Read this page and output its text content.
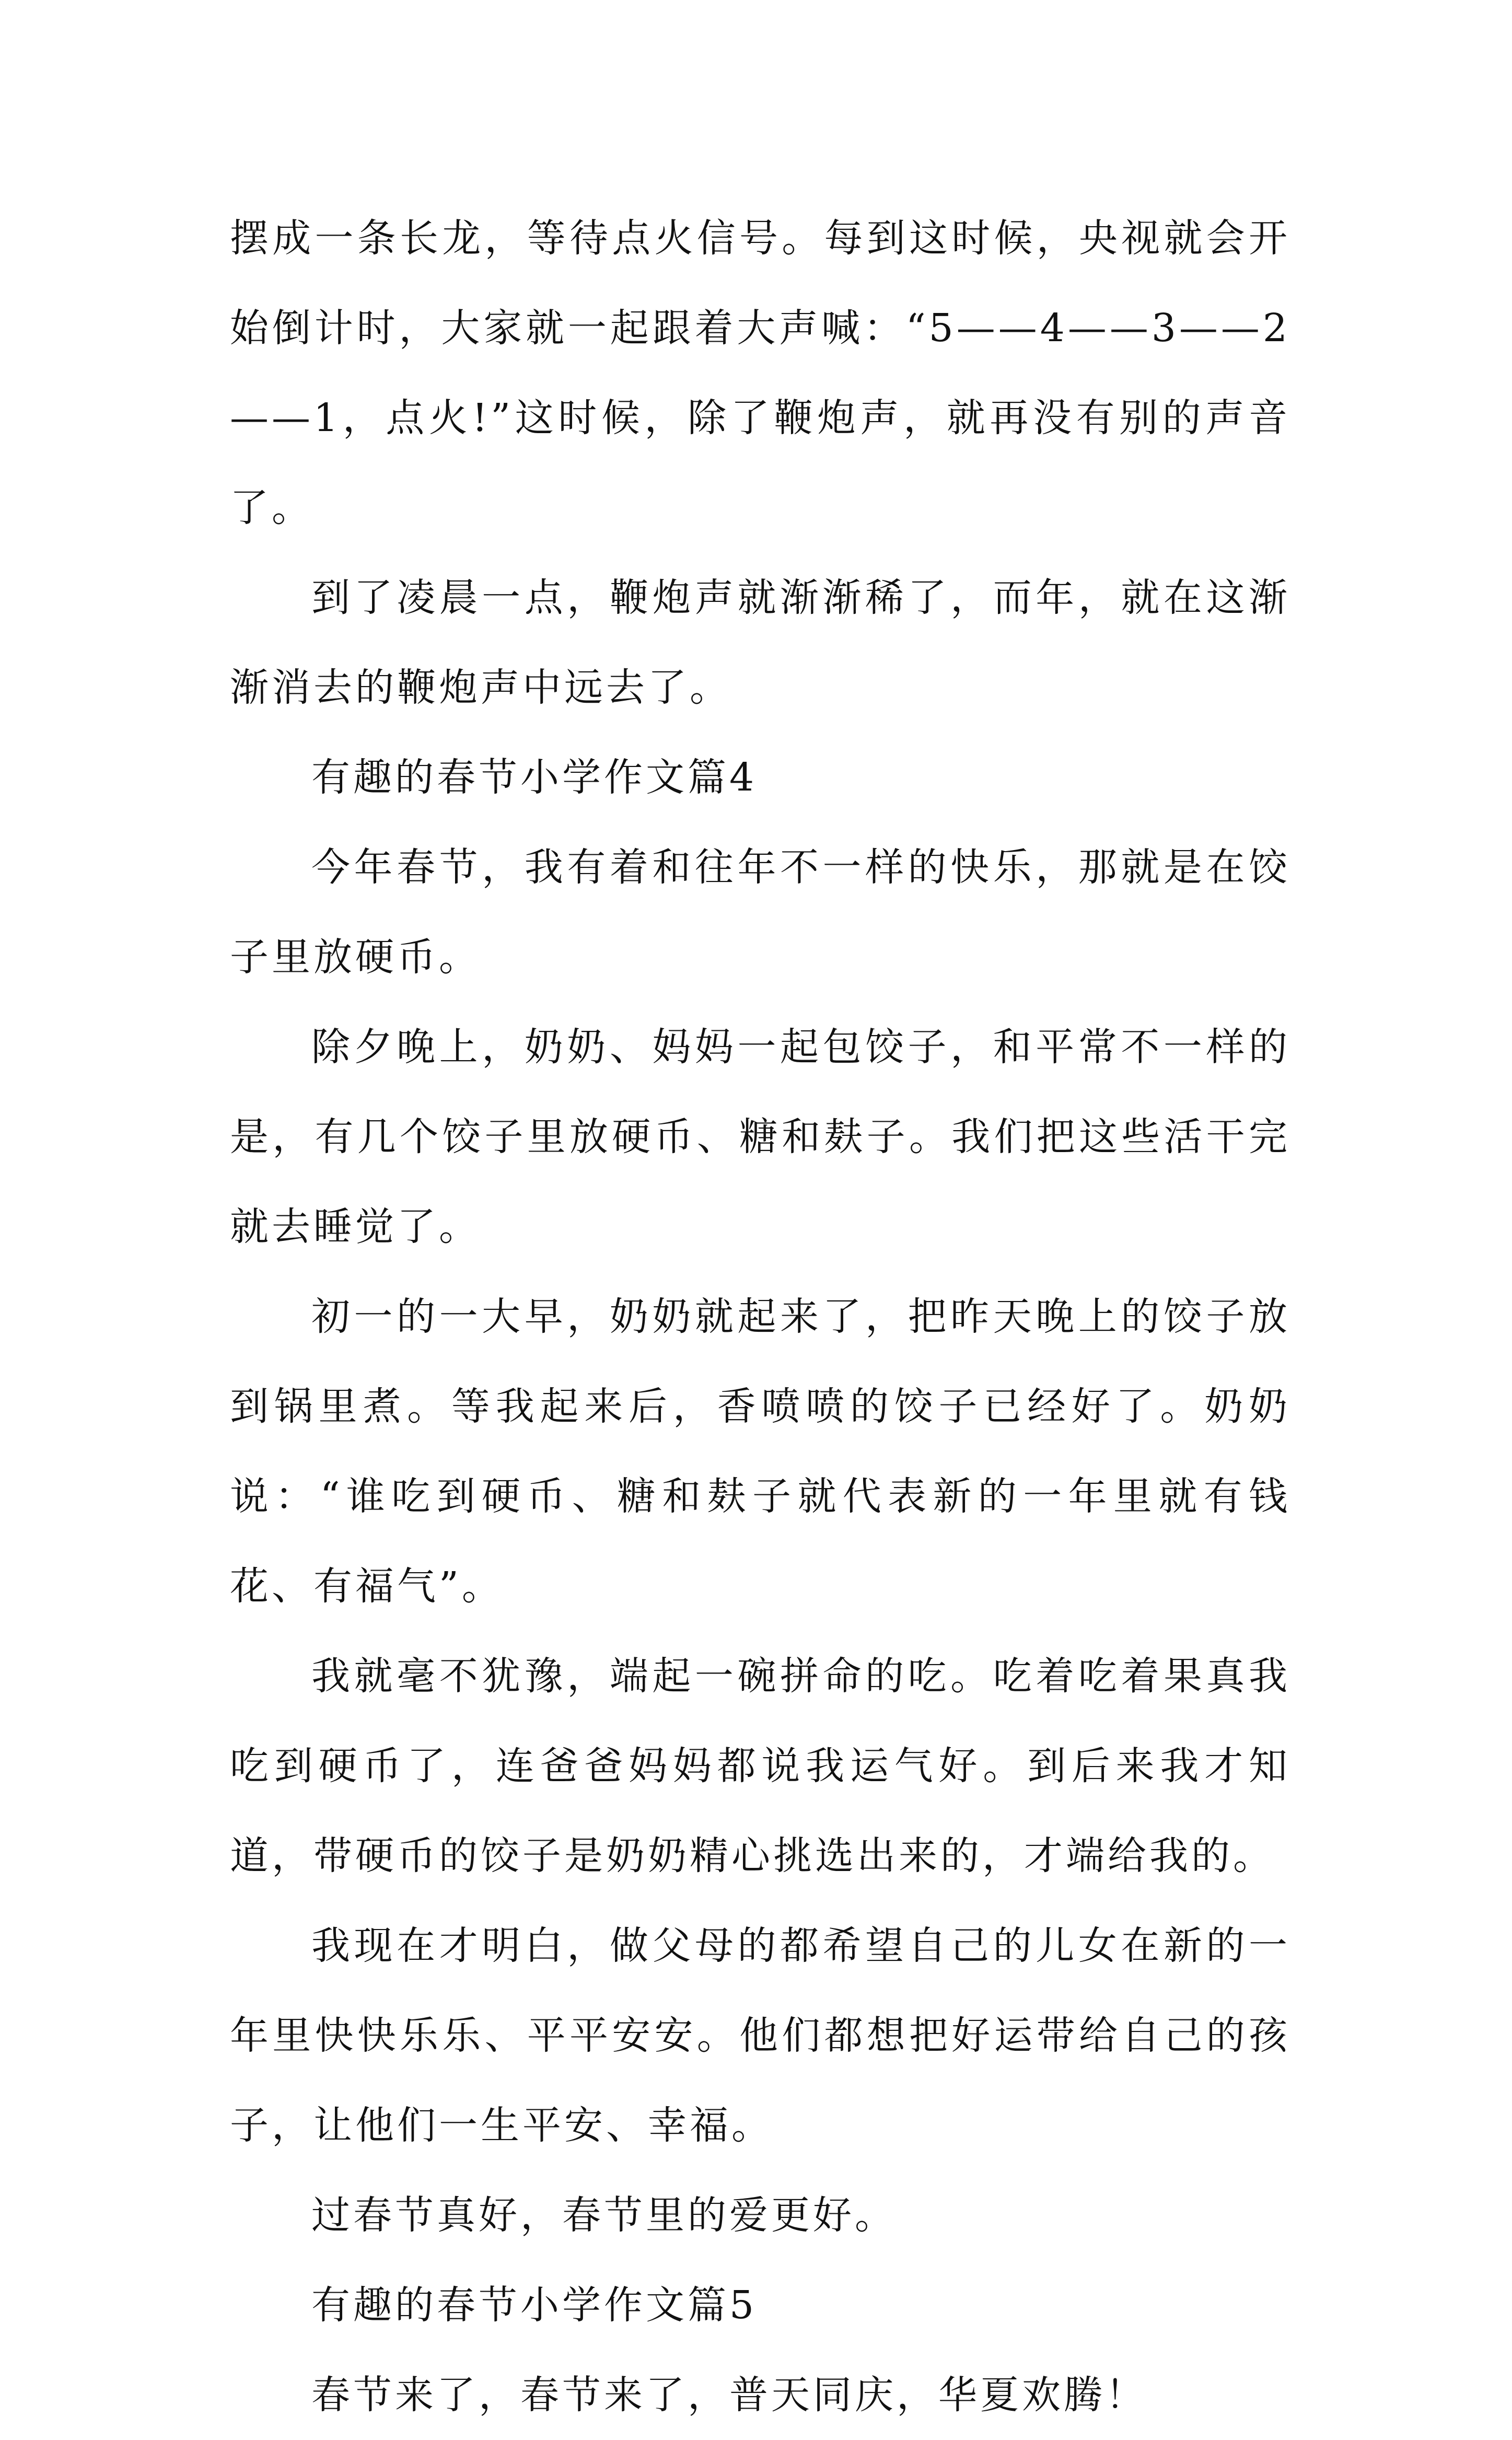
摆成一条长龙，等待点火信号。每到这时候，央视就会开始倒计时，大家就一起跟着大声喊：“5——4——3——2——1，点火!”这时候，除了鞭炮声，就再没有别的声音了。

到了凌晨一点，鞭炮声就渐渐稀了，而年，就在这渐渐消去的鞭炮声中远去了。

有趣的春节小学作文篇4

今年春节，我有着和往年不一样的快乐，那就是在饺子里放硬币。

除夕晚上，奶奶、妈妈一起包饺子，和平常不一样的是，有几个饺子里放硬币、糖和麸子。我们把这些活干完就去睡觉了。

初一的一大早，奶奶就起来了，把昨天晚上的饺子放到锅里煮。等我起来后，香喷喷的饺子已经好了。奶奶说：“谁吃到硬币、糖和麸子就代表新的一年里就有钱花、有福气”。

我就毫不犹豫，端起一碗拼命的吃。吃着吃着果真我吃到硬币了，连爸爸妈妈都说我运气好。到后来我才知道，带硬币的饺子是奶奶精心挑选出来的，才端给我的。

我现在才明白，做父母的都希望自己的儿女在新的一年里快快乐乐、平平安安。他们都想把好运带给自己的孩子，让他们一生平安、幸福。

过春节真好，春节里的爱更好。

有趣的春节小学作文篇5

春节来了，春节来了，普天同庆，华夏欢腾！
